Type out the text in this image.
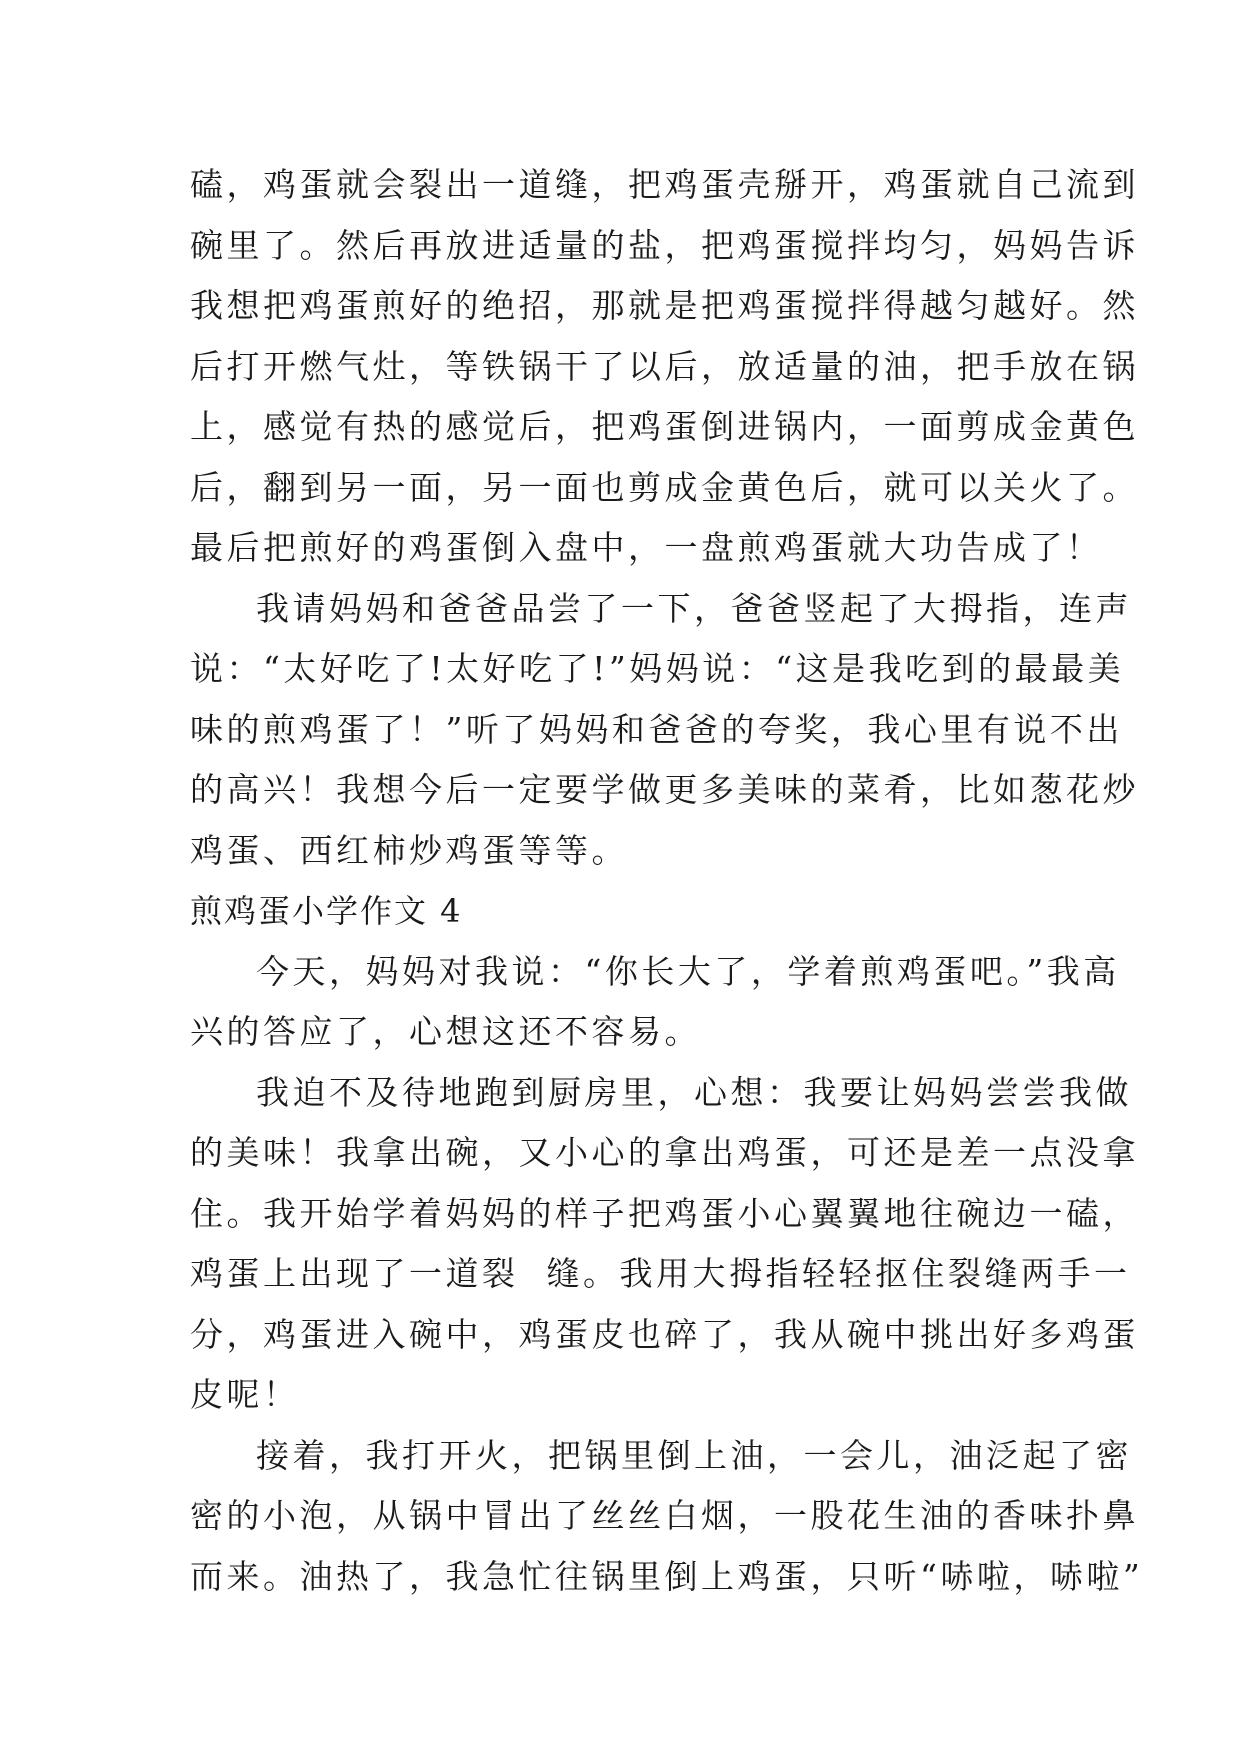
磕，鸡蛋就会裂出一道缝，把鸡蛋壳掰开，鸡蛋就自己流到
碗里了。然后再放进适量的盐，把鸡蛋搅拌均匀，妈妈告诉
我想把鸡蛋煎好的绝招，那就是把鸡蛋搅拌得越匀越好。然
后打开燃气灶，等铁锅干了以后，放适量的油，把手放在锅
上，感觉有热的感觉后，把鸡蛋倒进锅内，一面剪成金黄色
后，翻到另一面，另一面也剪成金黄色后，就可以关火了。
最后把煎好的鸡蛋倒入盘中，一盘煎鸡蛋就大功告成了！
我请妈妈和爸爸品尝了一下，爸爸竖起了大拇指，连声
说：“太好吃了!太好吃了!”妈妈说：“这是我吃到的最最美
味的煎鸡蛋了！”听了妈妈和爸爸的夸奖，我心里有说不出
的高兴！我想今后一定要学做更多美味的菜肴，比如葱花炒
鸡蛋、西红柿炒鸡蛋等等。
煎鸡蛋小学作文 4
今天，妈妈对我说：“你长大了，学着煎鸡蛋吧。”我高
兴的答应了，心想这还不容易。
我迫不及待地跑到厨房里，心想：我要让妈妈尝尝我做
的美味！我拿出碗，又小心的拿出鸡蛋，可还是差一点没拿
住。我开始学着妈妈的样子把鸡蛋小心翼翼地往碗边一磕，
鸡蛋上出现了一道裂  缝。我用大拇指轻轻抠住裂缝两手一
分，鸡蛋进入碗中，鸡蛋皮也碎了，我从碗中挑出好多鸡蛋
皮呢！
接着，我打开火，把锅里倒上油，一会儿，油泛起了密
密的小泡，从锅中冒出了丝丝白烟，一股花生油的香味扑鼻
而来。油热了，我急忙往锅里倒上鸡蛋，只听“哧啦，哧啦”
